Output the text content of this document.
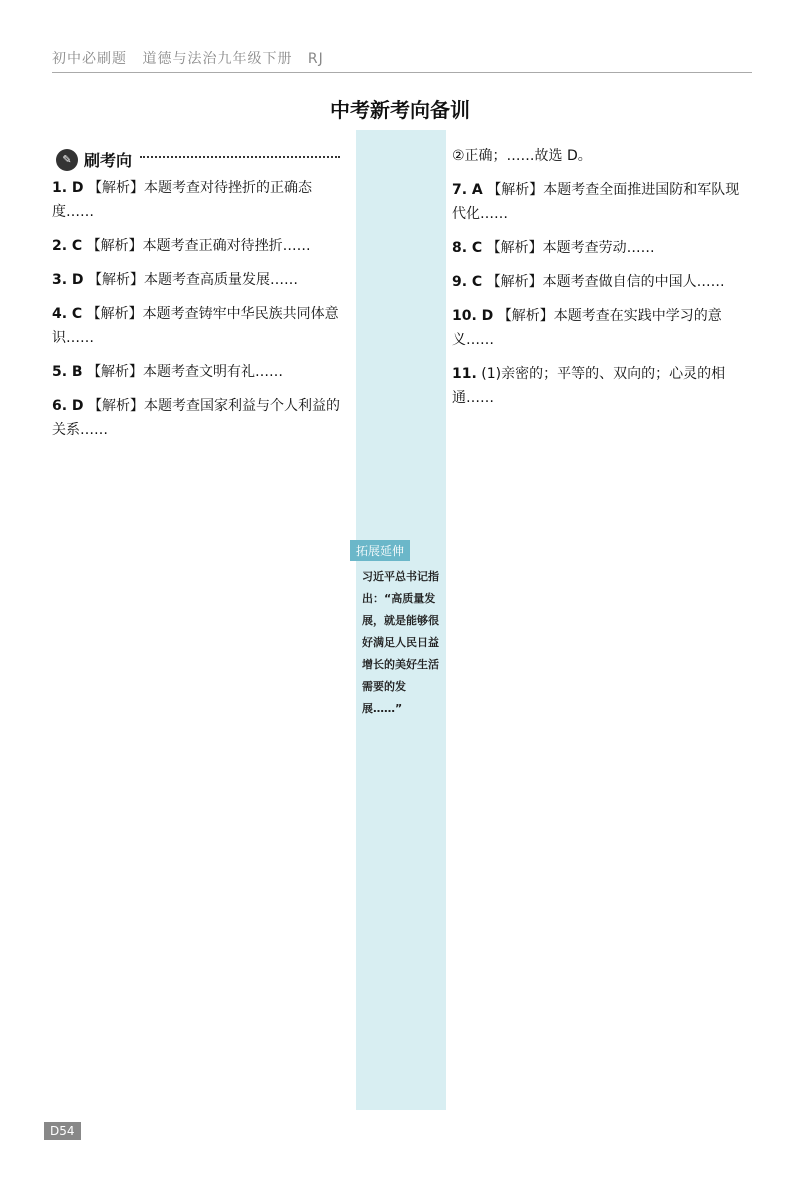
初中必刷题 道德与法治九年级下册 RJ
中考新考向备训
✎ 刷考向
拓展延伸
习近平总书记指出：“高质量发展，就是能够很好满足人民日益增长的美好生活需要的发展……”
1. D 【解析】本题考查对待挫折的正确态度……
2. C 【解析】本题考查正确对待挫折……
3. D 【解析】本题考查高质量发展……
4. C 【解析】本题考查铸牢中华民族共同体意识……
5. B 【解析】本题考查文明有礼……
6. D 【解析】本题考查国家利益与个人利益的关系……
②正确；……故选 D。
7. A 【解析】本题考查全面推进国防和军队现代化……
8. C 【解析】本题考查劳动……
9. C 【解析】本题考查做自信的中国人……
10. D 【解析】本题考查在实践中学习的意义……
11. (1)亲密的；平等的、双向的；心灵的相通……
D54
